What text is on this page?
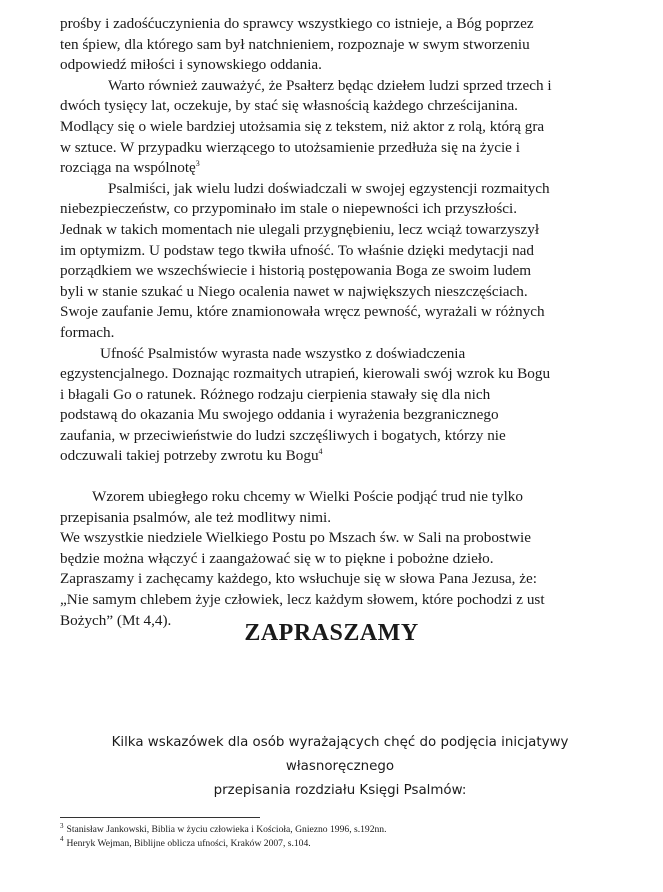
prośby i zadośćuczynienia do sprawcy wszystkiego co istnieje, a Bóg poprzez
ten śpiew, dla którego sam był natchnieniem, rozpoznaje w swym stworzeniu
odpowiedź miłości i synowskiego oddania.

Warto również zauważyć, że Psałterz będąc dziełem ludzi sprzed trzech i
dwóch tysięcy lat, oczekuje, by stać się własnością każdego chrześcijanina.
Modlący się o wiele bardziej utożsamia się z tekstem, niż aktor z rolą, którą gra
w sztuce. W przypadku wierzącego to utożsamienie przedłuża się na życie i
rozciąga na wspólnotę$^3$

Psalmiści, jak wielu ludzi doświadczali w swojej egzystencji rozmaitych
niebezpieczeństw, co przypominało im stale o niepewności ich przyszłości.
Jednak w takich momentach nie ulegali przygnębieniu, lecz wciąż towarzyszył
im optymizm. U podstaw tego tkwiła ufność. To właśnie dzięki medytacji nad
porządkiem we wszechświecie i historią postępowania Boga ze swoim ludem
byli w stanie szukać u Niego ocalenia nawet w największych nieszczęściach.
Swoje zaufanie Jemu, które znamionowała wręcz pewność, wyrażali w różnych
formach.

Ufność Psalmistów wyrasta nade wszystko z doświadczenia
egzystencjalnego. Doznając rozmaitych utrapień, kierowali swój wzrok ku Bogu
i błagali Go o ratunek. Różnego rodzaju cierpienia stawały się dla nich
podstawą do okazania Mu swojego oddania i wyrażenia bezgranicznego
zaufania, w przeciwieństwie do ludzi szczęśliwych i bogatych, którzy nie
odczuwali takiej potrzeby zwrotu ku Bogu$^4$

Wzorem ubiegłego roku chcemy w Wielki Poście podjąć trud nie tylko
przepisania psalmów, ale też modlitwy nimi.
We wszystkie niedziele Wielkiego Postu po Mszach św. w Sali na probostwie
będzie można włączyć i zaangażować się w to piękne i pobożne dzieło.
Zapraszamy i zachęcamy każdego, kto wsłuchuje się w słowa Pana Jezusa, że:
„Nie samym chlebem żyje człowiek, lecz każdym słowem, które pochodzi z ust
Bożych” (Mt 4,4).	ZAPRASZAMY

Kilka wskazówek dla osób wyrażających chęć do podjęcia inicjatywy własnoręcznego

przepisania rozdziału Księgi Psalmów:

$^3$ Stanisław Jankowski, Biblia w życiu człowieka i Kościoła, Gniezno 1996, s.192nn.

$^4$ Henryk Wejman, Biblijne oblicza ufności, Kraków 2007, s.104.
